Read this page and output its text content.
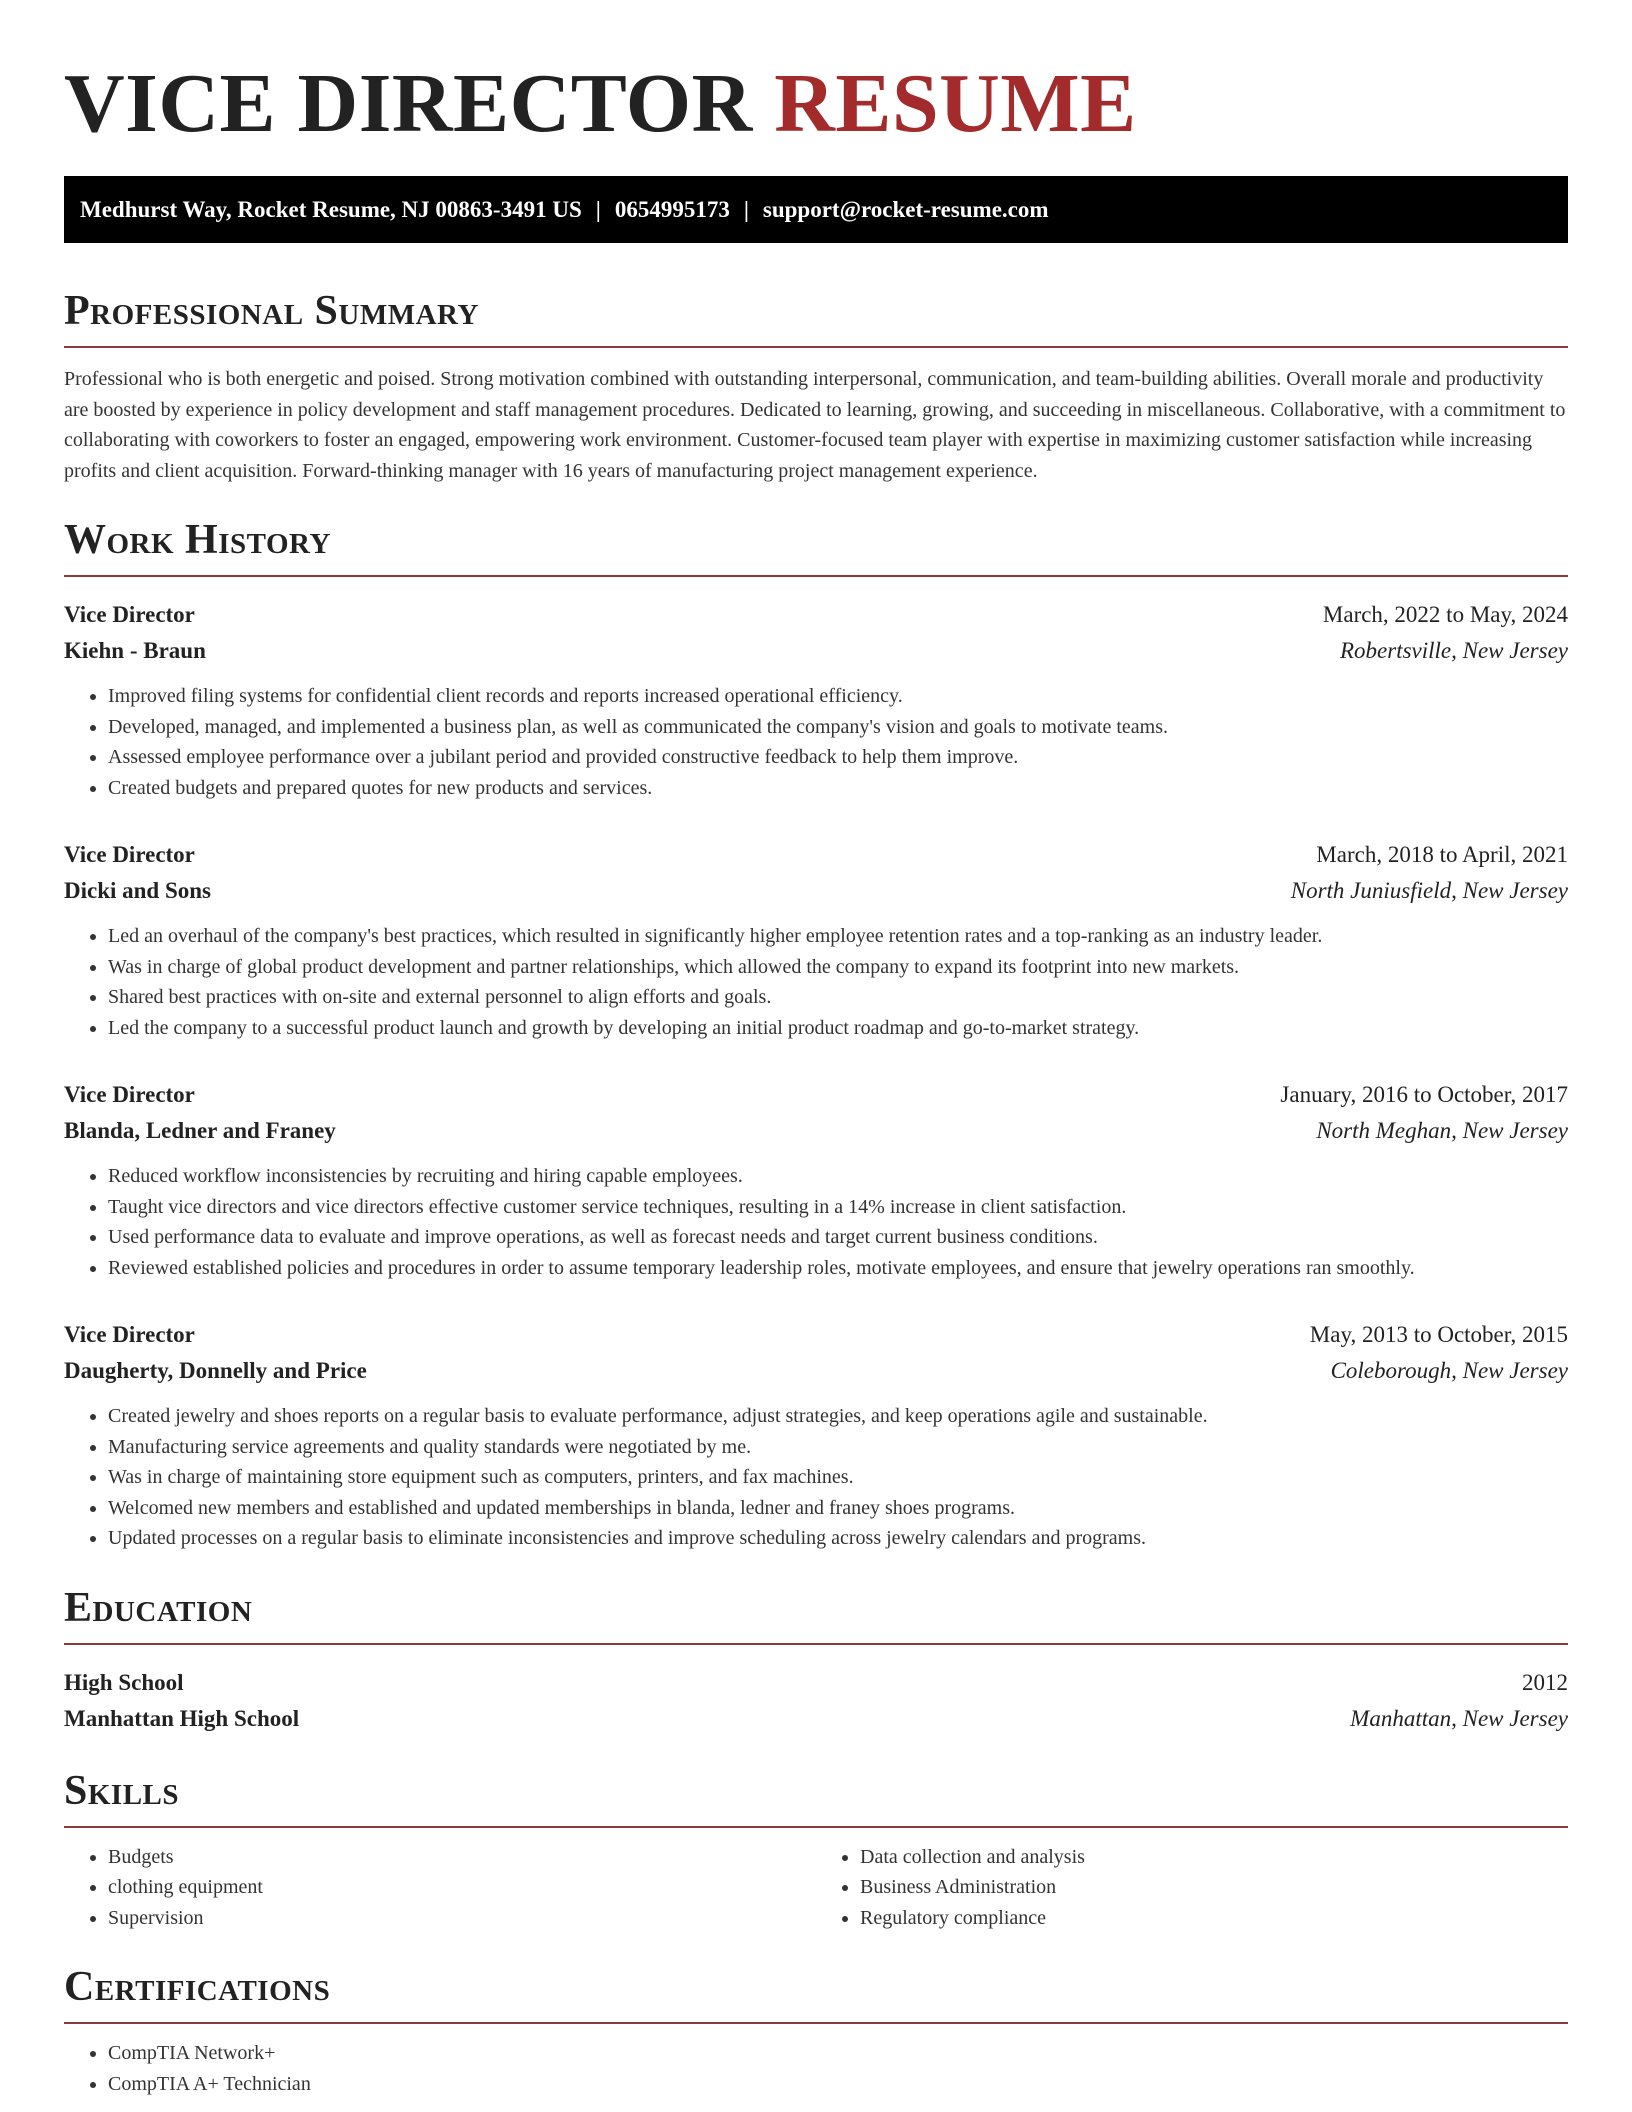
VICE DIRECTOR RESUME
Medhurst Way, Rocket Resume, NJ 00863-3491 US | 0654995173 | support@rocket-resume.com
Professional Summary

Professional who is both energetic and poised. Strong motivation combined with outstanding interpersonal, communication, and team-building abilities. Overall morale and productivity are boosted by experience in policy development and staff management procedures. Dedicated to learning, growing, and succeeding in miscellaneous. Collaborative, with a commitment to collaborating with coworkers to foster an engaged, empowering work environment. Customer-focused team player with expertise in maximizing customer satisfaction while increasing profits and client acquisition. Forward-thinking manager with 16 years of manufacturing project management experience.

Work History
Vice Director	March, 2022 to May, 2024
Kiehn - Braun	Robertsville, New Jersey
• Improved filing systems for confidential client records and reports increased operational efficiency.
• Developed, managed, and implemented a business plan, as well as communicated the company's vision and goals to motivate teams.
• Assessed employee performance over a jubilant period and provided constructive feedback to help them improve.
• Created budgets and prepared quotes for new products and services.
Vice Director	March, 2018 to April, 2021
Dicki and Sons	North Juniusfield, New Jersey
• Led an overhaul of the company's best practices, which resulted in significantly higher employee retention rates and a top-ranking as an industry leader.
• Was in charge of global product development and partner relationships, which allowed the company to expand its footprint into new markets.
• Shared best practices with on-site and external personnel to align efforts and goals.
• Led the company to a successful product launch and growth by developing an initial product roadmap and go-to-market strategy.
Vice Director	January, 2016 to October, 2017
Blanda, Ledner and Franey	North Meghan, New Jersey
• Reduced workflow inconsistencies by recruiting and hiring capable employees.
• Taught vice directors and vice directors effective customer service techniques, resulting in a 14% increase in client satisfaction.
• Used performance data to evaluate and improve operations, as well as forecast needs and target current business conditions.
• Reviewed established policies and procedures in order to assume temporary leadership roles, motivate employees, and ensure that jewelry operations ran smoothly.
Vice Director	May, 2013 to October, 2015
Daugherty, Donnelly and Price	Coleborough, New Jersey
• Created jewelry and shoes reports on a regular basis to evaluate performance, adjust strategies, and keep operations agile and sustainable.
• Manufacturing service agreements and quality standards were negotiated by me.
• Was in charge of maintaining store equipment such as computers, printers, and fax machines.
• Welcomed new members and established and updated memberships in blanda, ledner and franey shoes programs.
• Updated processes on a regular basis to eliminate inconsistencies and improve scheduling across jewelry calendars and programs.
Education
High School	2012
Manhattan High School	Manhattan, New Jersey
Skills
• Budgets
• clothing equipment
• Supervision
• Data collection and analysis
• Business Administration
• Regulatory compliance
Certifications
• CompTIA Network+
• CompTIA A+ Technician
